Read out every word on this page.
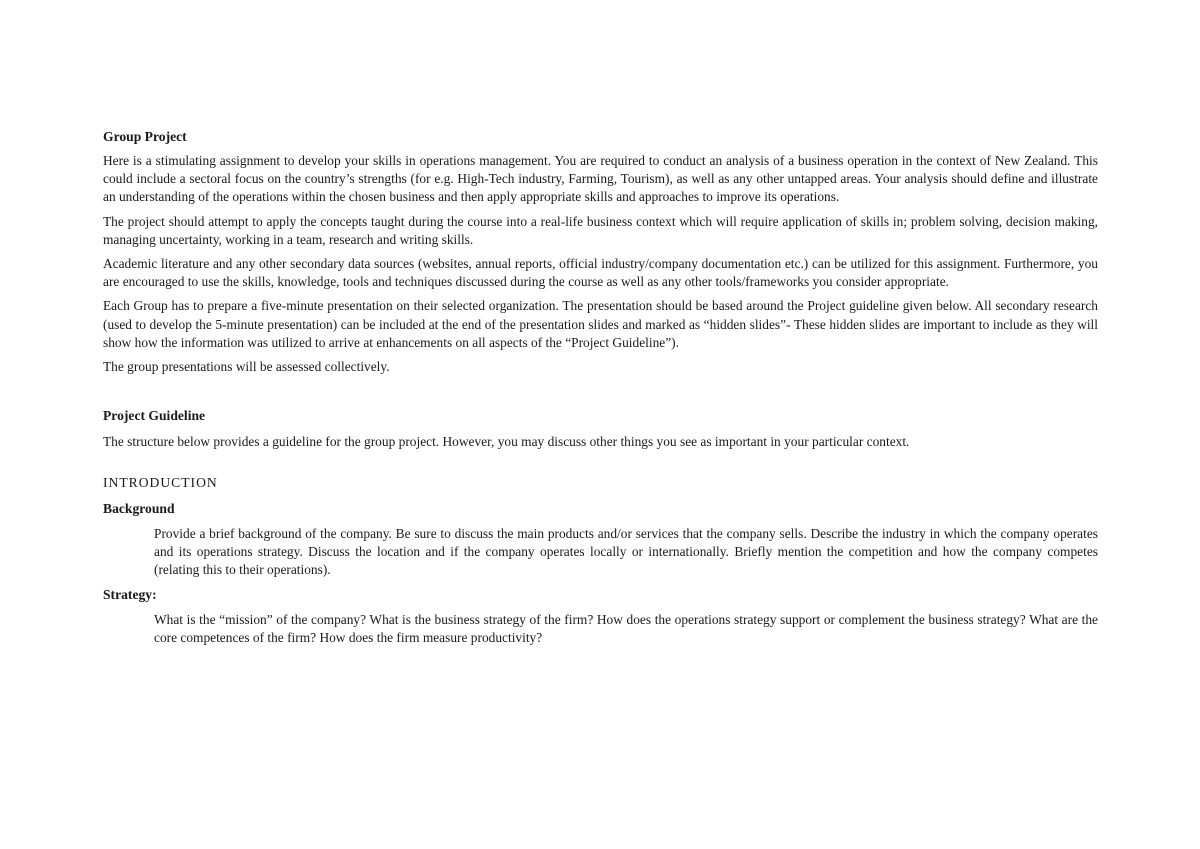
Group Project

Here is a stimulating assignment to develop your skills in operations management. You are required to conduct an analysis of a business operation in the context of New Zealand. This could include a sectoral focus on the country’s strengths (for e.g. High-Tech industry, Farming, Tourism), as well as any other untapped areas. Your analysis should define and illustrate an understanding of the operations within the chosen business and then apply appropriate skills and approaches to improve its operations.

The project should attempt to apply the concepts taught during the course into a real-life business context which will require application of skills in; problem solving, decision making, managing uncertainty, working in a team, research and writing skills.

Academic literature and any other secondary data sources (websites, annual reports, official industry/company documentation etc.) can be utilized for this assignment. Furthermore, you are encouraged to use the skills, knowledge, tools and techniques discussed during the course as well as any other tools/frameworks you consider appropriate.

Each Group has to prepare a five-minute presentation on their selected organization. The presentation should be based around the Project guideline given below. All secondary research (used to develop the 5-minute presentation) can be included at the end of the presentation slides and marked as “hidden slides”- These hidden slides are important to include as they will show how the information was utilized to arrive at enhancements on all aspects of the “Project Guideline”).

The group presentations will be assessed collectively.

Project Guideline

The structure below provides a guideline for the group project. However, you may discuss other things you see as important in your particular context.

INTRODUCTION

Background

Provide a brief background of the company. Be sure to discuss the main products and/or services that the company sells. Describe the industry in which the company operates and its operations strategy. Discuss the location and if the company operates locally or internationally. Briefly mention the competition and how the company competes (relating this to their operations).

Strategy:

What is the “mission” of the company? What is the business strategy of the firm? How does the operations strategy support or complement the business strategy? What are the core competences of the firm? How does the firm measure productivity?
